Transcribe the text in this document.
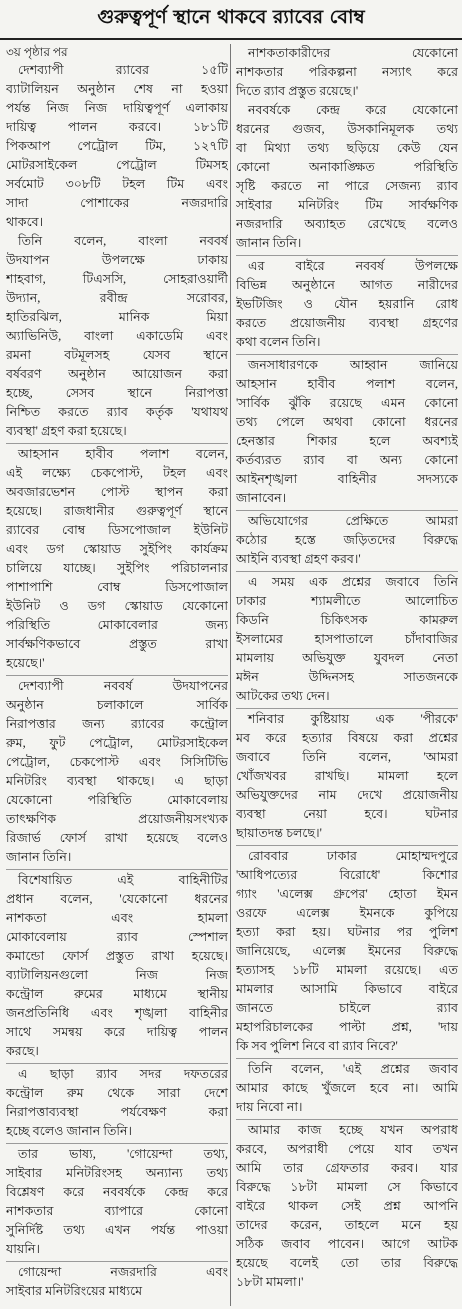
গুরুত্বপূর্ণ স্থানে থাকবে র‍্যাবের বোম্ব
৩য় পৃষ্ঠার পর
দেশব্যাপী র‍্যাবের ১৫টি
ব্যাটালিয়ন অনুষ্ঠান শেষ না হওয়া
পর্যন্ত নিজ নিজ দায়িত্বপূর্ণ এলাকায়
দায়িত্ব পালন করবে। ১৮১টি
পিকআপ পেট্রোল টিম, ১২৭টি
মোটরসাইকেল পেট্রোল টিমসহ
সর্বমোট ৩০৮টি টহল টিম এবং
সাদা পোশাকের নজরদারি
থাকবে।
তিনি বলেন, বাংলা নববর্ষ
উদযাপন উপলক্ষে ঢাকায়
শাহবাগ, টিএসসি, সোহরাওয়ার্দী
উদ্যান, রবীন্দ্র সরোবর,
হাতিরঝিল, মানিক মিয়া
অ্যাভিনিউ, বাংলা একাডেমি এবং
রমনা বটমূলসহ যেসব স্থানে
বর্ষবরণ অনুষ্ঠান আয়োজন করা
হচ্ছে, সেসব স্থানে নিরাপত্তা
নিশ্চিত করতে র‍্যাব কর্তৃক 'যথাযথ
ব্যবস্থা' গ্রহণ করা হয়েছে।
আহসান হাবীব পলাশ বলেন,
এই লক্ষ্যে চেকপোস্ট, টহল এবং
অবজারভেশন পোস্ট স্থাপন করা
হয়েছে। রাজধানীর গুরুত্বপূর্ণ স্থানে
র‍্যাবের বোম্ব ডিসপোজাল ইউনিট
এবং ডগ স্কোয়াড সুইপিং কার্যক্রম
চালিয়ে যাচ্ছে। সুইপিং পরিচালনার
পাশাপাশি বোম্ব ডিসপোজাল
ইউনিট ও ডগ স্কোয়াড যেকোনো
পরিস্থিতি মোকাবেলার জন্য
সার্বক্ষণিকভাবে প্রস্তুত রাখা
হয়েছে।'
দেশব্যাপী নববর্ষ উদযাপনের
অনুষ্ঠান চলাকালে সার্বিক
নিরাপত্তার জন্য র‍্যাবের কন্ট্রোল
রুম, ফুট পেট্রোল, মোটরসাইকেল
পেট্রোল, চেকপোস্ট এবং সিসিটিভি
মনিটরিং ব্যবস্থা থাকছে। এ ছাড়া
যেকোনো পরিস্থিতি মোকাবেলায়
তাৎক্ষণিক প্রয়োজনীয়সংখ্যক
রিজার্ভ ফোর্স রাখা হয়েছে বলেও
জানান তিনি।
বিশেষায়িত এই বাহিনীটির
প্রধান বলেন, 'যেকোনো ধরনের
নাশকতা এবং হামলা
মোকাবেলায় র‍্যাব স্পেশাল
কমান্ডো ফোর্স প্রস্তুত রাখা হয়েছে।
ব্যাটালিয়নগুলো নিজ নিজ
কন্ট্রোল রুমের মাধ্যমে স্থানীয়
জনপ্রতিনিধি এবং শৃঙ্খলা বাহিনীর
সাথে সমন্বয় করে দায়িত্ব পালন
করছে।
এ ছাড়া র‍্যাব সদর দফতরের
কন্ট্রোল রুম থেকে সারা দেশে
নিরাপত্তাব্যবস্থা পর্যবেক্ষণ করা
হচ্ছে বলেও জানান তিনি।
তার ভাষ্য, 'গোয়েন্দা তথ্য,
সাইবার মনিটরিংসহ অন্যান্য তথ্য
বিশ্লেষণ করে নববর্ষকে কেন্দ্র করে
নাশকতার ব্যাপারে কোনো
সুনির্দিষ্ট তথ্য এখন পর্যন্ত পাওয়া
যায়নি।
গোয়েন্দা নজরদারি এবং
সাইবার মনিটরিংয়ের মাধ্যমে
নাশকতাকারীদের যেকোনো
নাশকতার পরিকল্পনা নস্যাৎ করে
দিতে র‍্যাব প্রস্তুত রয়েছে।'
নববর্ষকে কেন্দ্র করে যেকোনো
ধরনের গুজব, উসকানিমূলক তথ্য
বা মিথ্যা তথ্য ছড়িয়ে কেউ যেন
কোনো অনাকাঙ্ক্ষিত পরিস্থিতি
সৃষ্টি করতে না পারে সেজন্য র‍্যাব
সাইবার মনিটরিং টিম সার্বক্ষণিক
নজরদারি অব্যাহত রেখেছে বলেও
জানান তিনি।
এর বাইরে নববর্ষ উপলক্ষে
বিভিন্ন অনুষ্ঠানে আগত নারীদের
ইভটিজিং ও যৌন হয়রানি রোধ
করতে প্রয়োজনীয় ব্যবস্থা গ্রহণের
কথা বলেন তিনি।
জনসাধারণকে আহ্বান জানিয়ে
আহসান হাবীব পলাশ বলেন,
'সার্বিক ঝুঁকি রয়েছে এমন কোনো
তথ্য পেলে অথবা কোনো ধরনের
হেনস্তার শিকার হলে অবশ্যই
কর্তব্যরত র‍্যাব বা অন্য কোনো
আইনশৃঙ্খলা বাহিনীর সদস্যকে
জানাবেন।
অভিযোগের প্রেক্ষিতে আমরা
কঠোর হস্তে জড়িতদের বিরুদ্ধে
আইনি ব্যবস্থা গ্রহণ করব।'
এ সময় এক প্রশ্নের জবাবে তিনি
ঢাকার শ্যামলীতে আলোচিত
কিডনি চিকিৎসক কামরুল
ইসলামের হাসপাতালে চাঁদাবাজির
মামলায় অভিযুক্ত যুবদল নেতা
মঈন উদ্দিনসহ সাতজনকে
আটকের তথ্য দেন।
শনিবার কুষ্টিয়ায় এক 'পীরকে'
মব করে হত্যার বিষয়ে করা প্রশ্নের
জবাবে তিনি বলেন, 'আমরা
খোঁজখবর রাখছি। মামলা হলে
অভিযুক্তদের নাম দেখে প্রয়োজনীয়
ব্যবস্থা নেয়া হবে। ঘটনার
ছায়াতদন্ত চলছে।'
রোববার ঢাকার মোহাম্মদপুরে
'আধিপত্যের বিরোধে' কিশোর
গ্যাং 'এলেক্স গ্রুপের' হোতা ইমন
ওরফে এলেক্স ইমনকে কুপিয়ে
হত্যা করা হয়। ঘটনার পর পুলিশ
জানিয়েছে, এলেক্স ইমনের বিরুদ্ধে
হত্যাসহ ১৮টি মামলা রয়েছে। এত
মামলার আসামি কিভাবে বাইরে
জানতে চাইলে র‍্যাব
মহাপরিচালকের পাল্টা প্রশ্ন, 'দায়
কি সব পুলিশ নিবে বা র‍্যাব নিবে?'
তিনি বলেন, 'এই প্রশ্নের জবাব
আমার কাছে খুঁজলে হবে না। আমি
দায় নিবো না।
আমার কাজ হচ্ছে যখন অপরাধ
করবে, অপরাধী পেয়ে যাব তখন
আমি তার গ্রেফতার করব। যার
বিরুদ্ধে ১৮টা মামলা সে কিভাবে
বাইরে থাকল সেই প্রশ্ন আপনি
তাদের করেন, তাহলে মনে হয়
সঠিক জবাব পাবেন। আগে আটক
হয়েছে বলেই তো তার বিরুদ্ধে
১৮টা মামলা।'
